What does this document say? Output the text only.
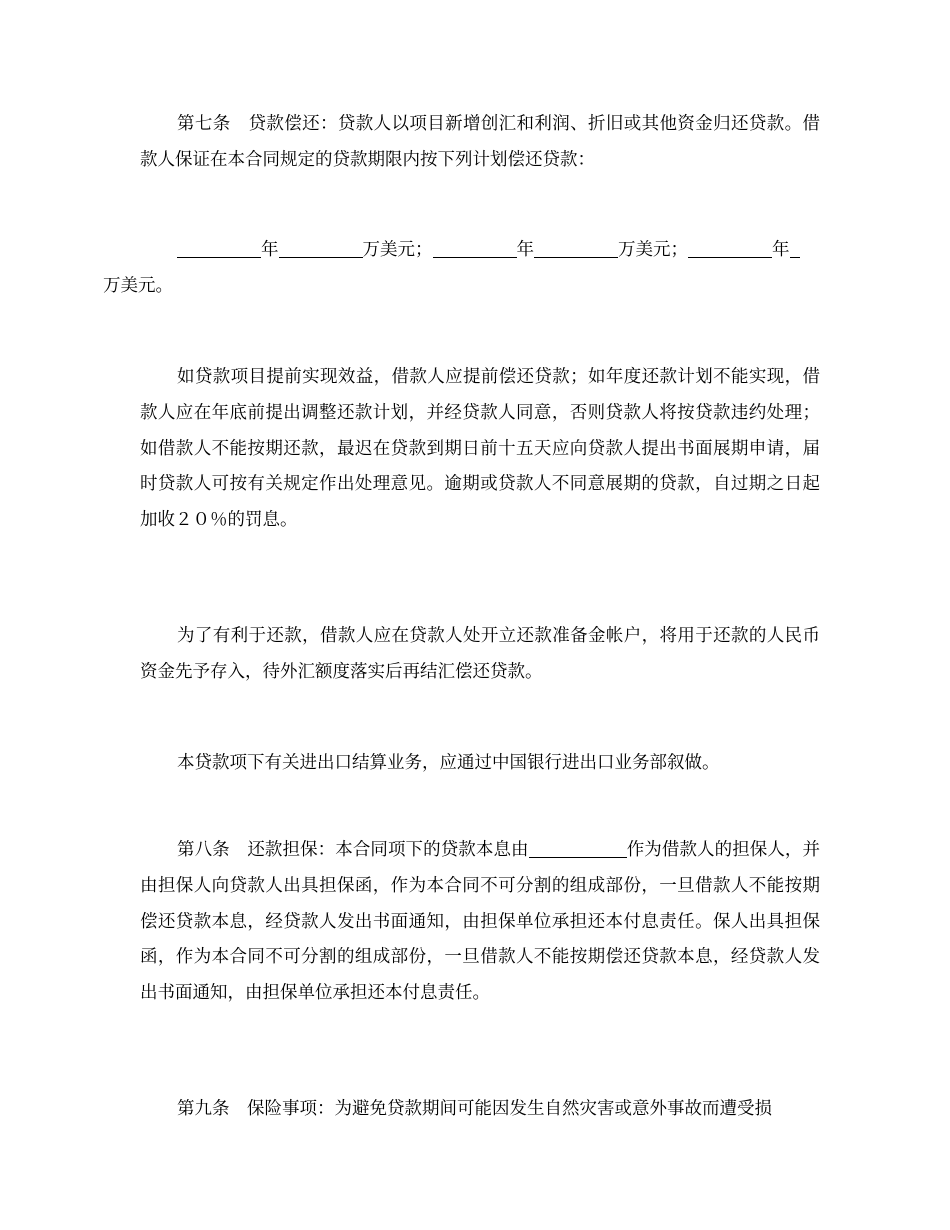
第七条　贷款偿还：贷款人以项目新增创汇和利润、折旧或其他资金归还贷款。借款人保证在本合同规定的贷款期限内按下列计划偿还贷款：

年	万美元；	年	万美元；	年
万美元。

如贷款项目提前实现效益，借款人应提前偿还贷款；如年度还款计划不能实现，借款人应在年底前提出调整还款计划，并经贷款人同意，否则贷款人将按贷款违约处理；如借款人不能按期还款，最迟在贷款到期日前十五天应向贷款人提出书面展期申请，届时贷款人可按有关规定作出处理意见。逾期或贷款人不同意展期的贷款，自过期之日起加收２０％的罚息。

为了有利于还款，借款人应在贷款人处开立还款准备金帐户，将用于还款的人民币资金先予存入，待外汇额度落实后再结汇偿还贷款。

本贷款项下有关进出口结算业务，应通过中国银行进出口业务部叙做。

第八条　还款担保：本合同项下的贷款本息由	作为借款人的担保人，并由担保人向贷款人出具担保函，作为本合同不可分割的组成部份，一旦借款人不能按期偿还贷款本息，经贷款人发出书面通知，由担保单位承担还本付息责任。保人出具担保函，作为本合同不可分割的组成部份，一旦借款人不能按期偿还贷款本息，经贷款人发出书面通知，由担保单位承担还本付息责任。

第九条　保险事项：为避免贷款期间可能因发生自然灾害或意外事故而遭受损
